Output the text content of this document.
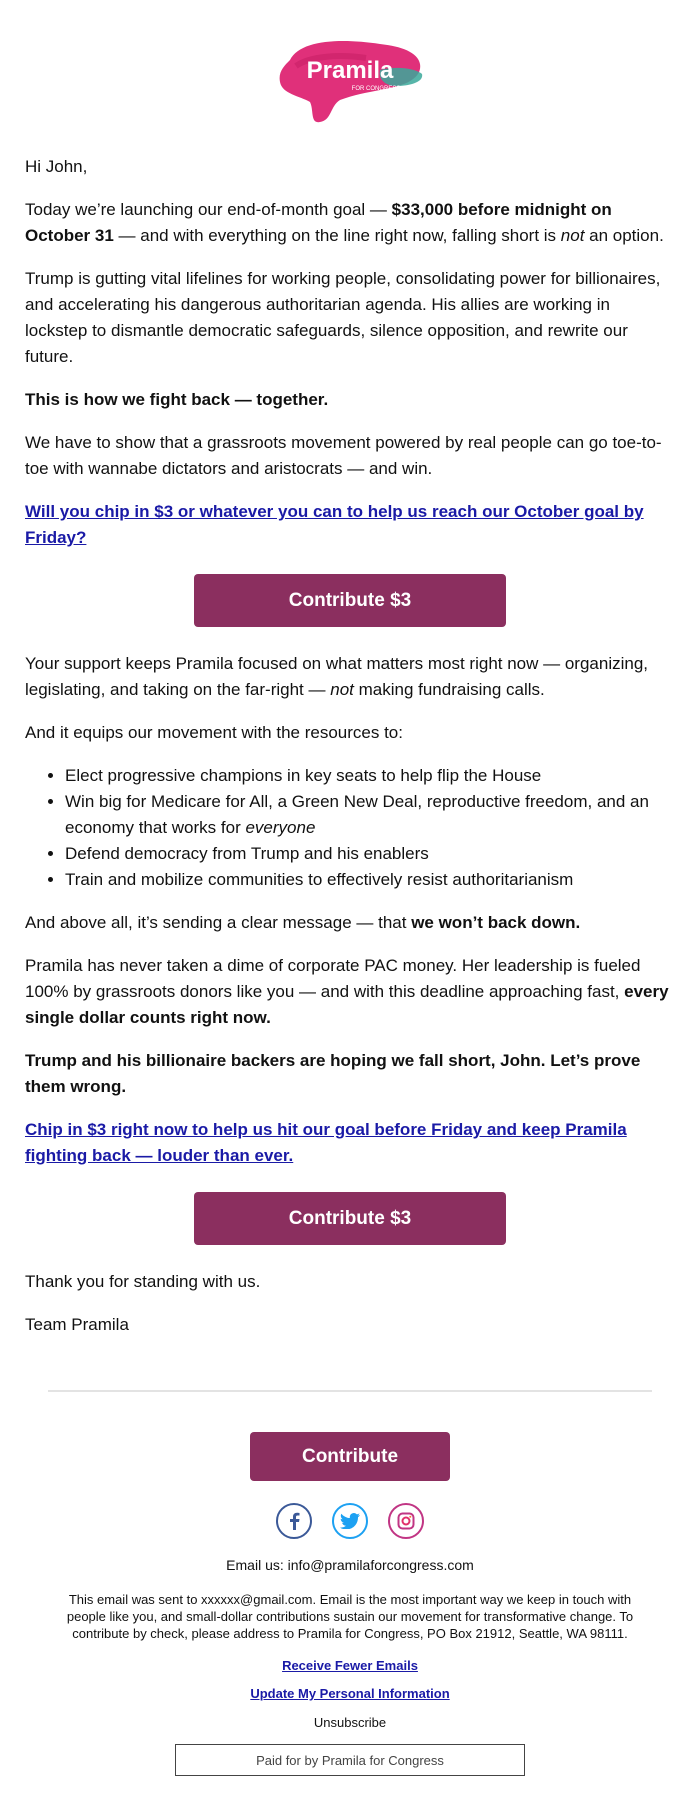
Pramila
FOR CONGRESS

Hi John,

Today we’re launching our end-of-month goal — $33,000 before midnight on October 31 — and with everything on the line right now, falling short is not an option.

Trump is gutting vital lifelines for working people, consolidating power for billionaires, and accelerating his dangerous authoritarian agenda. His allies are working in lockstep to dismantle democratic safeguards, silence opposition, and rewrite our future.

This is how we fight back — together.

We have to show that a grassroots movement powered by real people can go toe-to-toe with wannabe dictators and aristocrats — and win.

Will you chip in $3 or whatever you can to help us reach our October goal by Friday?

Contribute $3

Your support keeps Pramila focused on what matters most right now — organizing, legislating, and taking on the far-right — not making fundraising calls.

And it equips our movement with the resources to:

• Elect progressive champions in key seats to help flip the House
• Win big for Medicare for All, a Green New Deal, reproductive freedom, and an economy that works for everyone
• Defend democracy from Trump and his enablers
• Train and mobilize communities to effectively resist authoritarianism

And above all, it’s sending a clear message — that we won’t back down.

Pramila has never taken a dime of corporate PAC money. Her leadership is fueled 100% by grassroots donors like you — and with this deadline approaching fast, every single dollar counts right now.

Trump and his billionaire backers are hoping we fall short, John. Let’s prove them wrong.

Chip in $3 right now to help us hit our goal before Friday and keep Pramila fighting back — louder than ever.

Contribute $3

Thank you for standing with us.

Team Pramila

Contribute
Email us: info@pramilaforcongress.com
This email was sent to xxxxxx@gmail.com. Email is the most important way we keep in touch with people like you, and small-dollar contributions sustain our movement for transformative change. To contribute by check, please address to Pramila for Congress, PO Box 21912, Seattle, WA 98111.
Receive Fewer Emails
Update My Personal Information
Unsubscribe
Paid for by Pramila for Congress
